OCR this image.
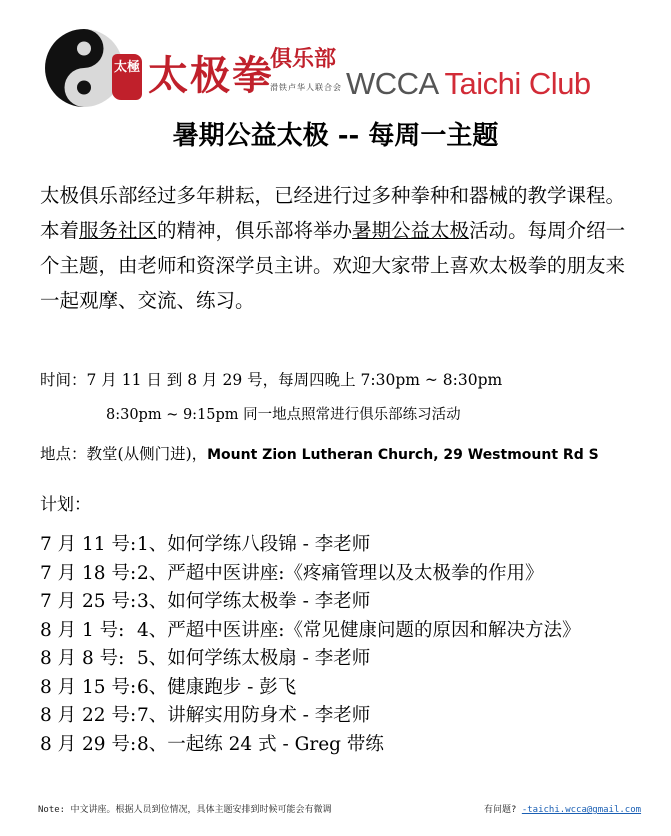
太極 太极拳
俱乐部
滑铁卢华人联合会 WCCA Taichi Club
暑期公益太极 -- 每周一主题
太极俱乐部经过多年耕耘，已经进行过多种拳种和器械的教学课程。本着服务社区的精神，俱乐部将举办暑期公益太极活动。每周介绍一个主题，由老师和资深学员主讲。欢迎大家带上喜欢太极拳的朋友来一起观摩、交流、练习。
时间：7 月 11 日 到 8 月 29 号，每周四晚上 7:30pm ~ 8:30pm
8:30pm ~ 9:15pm 同一地点照常进行俱乐部练习活动
地点：教堂(从侧门进)，Mount Zion Lutheran Church, 29 Westmount Rd S
计划：
7 月 11 号:1、如何学练八段锦 - 李老师
7 月 18 号:2、严超中医讲座:《疼痛管理以及太极拳的作用》
7 月 25 号:3、如何学练太极拳 - 李老师
8 月 1 号: 4、严超中医讲座:《常见健康问题的原因和解决方法》
8 月 8 号: 5、如何学练太极扇 - 李老师
8 月 15 号:6、健康跑步 - 彭飞
8 月 22 号:7、讲解实用防身术 - 李老师
8 月 29 号:8、一起练 24 式 - Greg 带练
Note: 中文讲座。根据人员到位情况，具体主题安排到时候可能会有微调	有问题? -taichi.wcca@gmail.com
